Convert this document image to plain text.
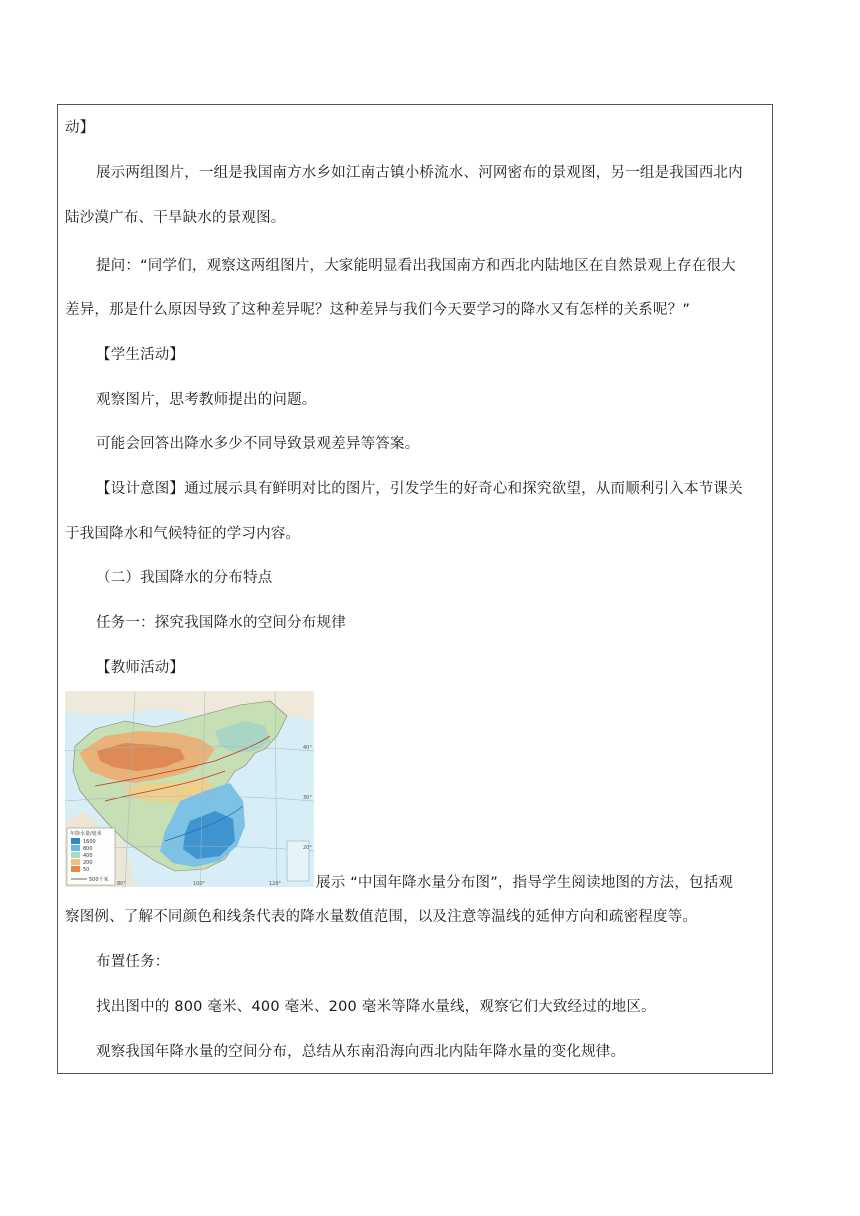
动】
展示两组图片，一组是我国南方水乡如江南古镇小桥流水、河网密布的景观图，另一组是我国西北内
陆沙漠广布、干旱缺水的景观图。
提问：“同学们，观察这两组图片，大家能明显看出我国南方和西北内陆地区在自然景观上存在很大
差异，那是什么原因导致了这种差异呢？这种差异与我们今天要学习的降水又有怎样的关系呢？”
【学生活动】
观察图片，思考教师提出的问题。
可能会回答出降水多少不同导致景观差异等答案。
【设计意图】通过展示具有鲜明对比的图片，引发学生的好奇心和探究欲望，从而顺利引入本节课关
于我国降水和气候特征的学习内容。
（二）我国降水的分布特点
任务一：探究我国降水的空间分布规律
【教师活动】
年降水量/毫米
1600
800
400
200
50
500千米
80°	100°	120°
40°
30°
20°
展示 “中国年降水量分布图”，指导学生阅读地图的方法，包括观
察图例、了解不同颜色和线条代表的降水量数值范围，以及注意等温线的延伸方向和疏密程度等。
布置任务：
找出图中的 800 毫米、400 毫米、200 毫米等降水量线，观察它们大致经过的地区。
观察我国年降水量的空间分布，总结从东南沿海向西北内陆年降水量的变化规律。
